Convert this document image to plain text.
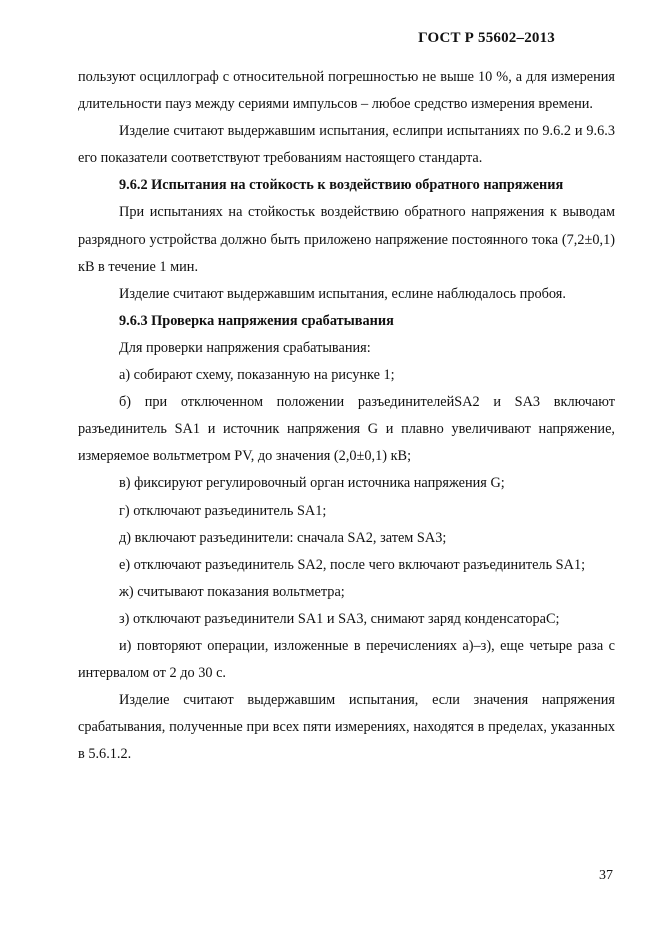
ГОСТ Р 55602–2013

пользуют осциллограф с относительной погрешностью не выше 10 %, а для измерения длительности пауз между сериями импульсов – любое средство измерения времени.

Изделие считают выдержавшим испытания, еслипри испытаниях по 9.6.2 и 9.6.3 его показатели соответствуют требованиям настоящего стандарта.

9.6.2 Испытания на стойкость к воздействию обратного напряжения

При испытаниях на стойкостьк воздействию обратного напряжения к выводам разрядного устройства должно быть приложено напряжение постоянного тока (7,2±0,1) кВ в течение 1 мин.

Изделие считают выдержавшим испытания, еслине наблюдалось пробоя.

9.6.3 Проверка напряжения срабатывания

Для проверки напряжения срабатывания:

а) собирают схему, показанную на рисунке 1;

б) при отключенном положении разъединителейSA2 и SA3 включают разъединитель SA1 и источник напряжения G и плавно увеличивают напряжение, измеряемое вольтметром PV, до значения (2,0±0,1) кВ;

в) фиксируют регулировочный орган источника напряжения G;

г) отключают разъединитель SA1;

д) включают разъединители: сначала SA2, затем SA3;

е) отключают разъединитель SA2, после чего включают разъединитель SA1;

ж) считывают показания вольтметра;

з) отключают разъединители SA1 и SA3, снимают заряд конденсатораC;

и) повторяют операции, изложенные в перечислениях а)–з), еще четыре раза с интервалом от 2 до 30 с.

Изделие считают выдержавшим испытания, если значения напряжения срабатывания, полученные при всех пяти измерениях, находятся в пределах, указанных в 5.6.1.2.

37
